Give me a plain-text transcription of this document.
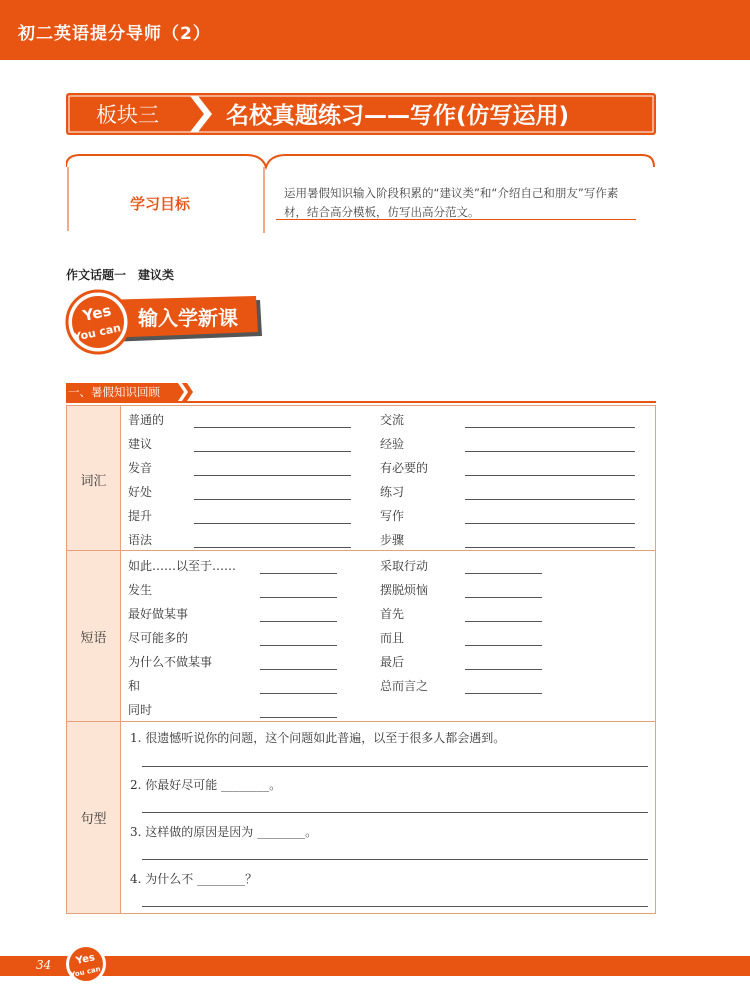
初二英语提分导师（2）
板块三	名校真题练习——写作(仿写运用)
学习目标
运用暑假知识输入阶段积累的“建议类”和“介绍自己和朋友”写作素材，结合高分模板，仿写出高分范文。
作文话题一　建议类
Yes
You can
输入学新课
一、暑假知识回顾
词汇
短语
句型
普通的	交流
建议	经验
发音	有必要的
好处	练习
提升	写作
语法	步骤
如此……以至于……	采取行动
发生	摆脱烦恼
最好做某事	首先
尽可能多的	而且
为什么不做某事	最后
和	总而言之
同时
1. 很遗憾听说你的问题，这个问题如此普遍，以至于很多人都会遇到。
2. 你最好尽可能 ________。
3. 这样做的原因是因为 ________。
4. 为什么不 ________？
34 Yes
You can
